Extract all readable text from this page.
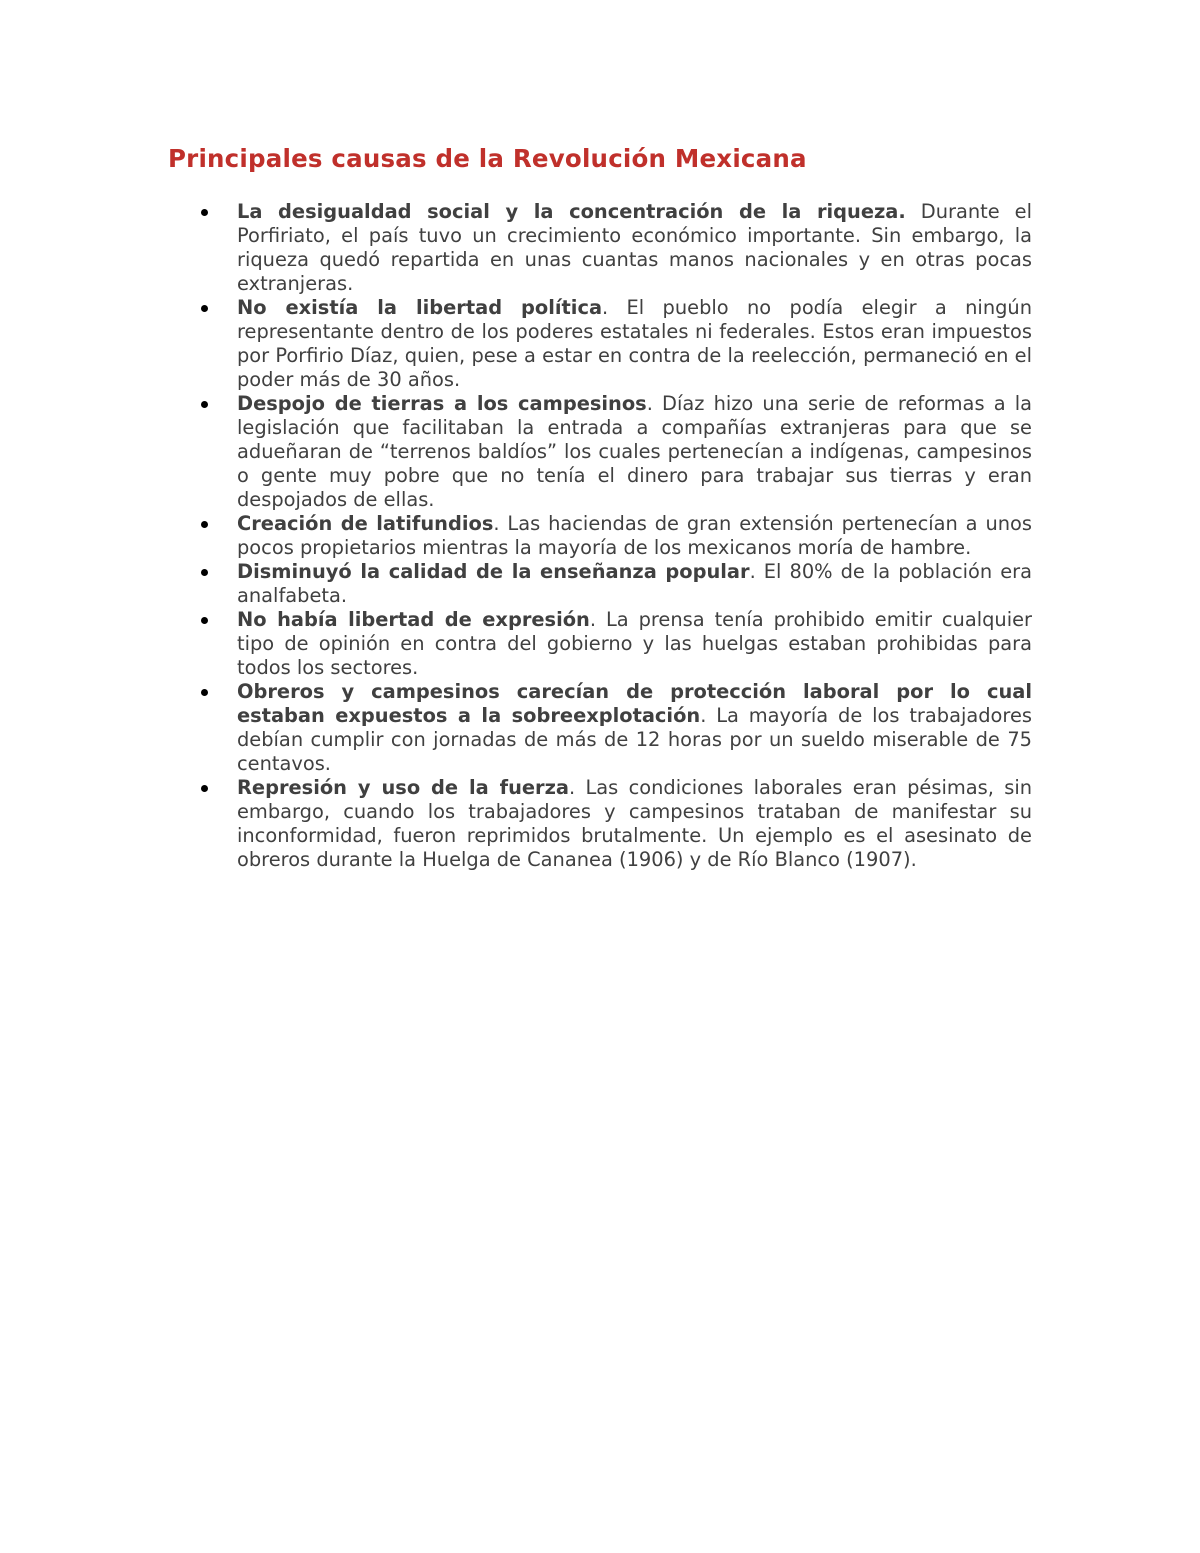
Principales causas de la Revolución Mexicana
La desigualdad social y la concentración de la riqueza. Durante el Porfiriato, el país tuvo un crecimiento económico importante. Sin embargo, la riqueza quedó repartida en unas cuantas manos nacionales y en otras pocas extranjeras.
No existía la libertad política. El pueblo no podía elegir a ningún representante dentro de los poderes estatales ni federales. Estos eran impuestos por Porfirio Díaz, quien, pese a estar en contra de la reelección, permaneció en el poder más de 30 años.
Despojo de tierras a los campesinos. Díaz hizo una serie de reformas a la legislación que facilitaban la entrada a compañías extranjeras para que se adueñaran de “terrenos baldíos” los cuales pertenecían a indígenas, campesinos o gente muy pobre que no tenía el dinero para trabajar sus tierras y eran despojados de ellas.
Creación de latifundios. Las haciendas de gran extensión pertenecían a unos pocos propietarios mientras la mayoría de los mexicanos moría de hambre.
Disminuyó la calidad de la enseñanza popular. El 80% de la población era analfabeta.
No había libertad de expresión. La prensa tenía prohibido emitir cualquier tipo de opinión en contra del gobierno y las huelgas estaban prohibidas para todos los sectores.
Obreros y campesinos carecían de protección laboral por lo cual estaban expuestos a la sobreexplotación. La mayoría de los trabajadores debían cumplir con jornadas de más de 12 horas por un sueldo miserable de 75 centavos.
Represión y uso de la fuerza. Las condiciones laborales eran pésimas, sin embargo, cuando los trabajadores y campesinos trataban de manifestar su inconformidad, fueron reprimidos brutalmente. Un ejemplo es el asesinato de obreros durante la Huelga de Cananea (1906) y de Río Blanco (1907).
